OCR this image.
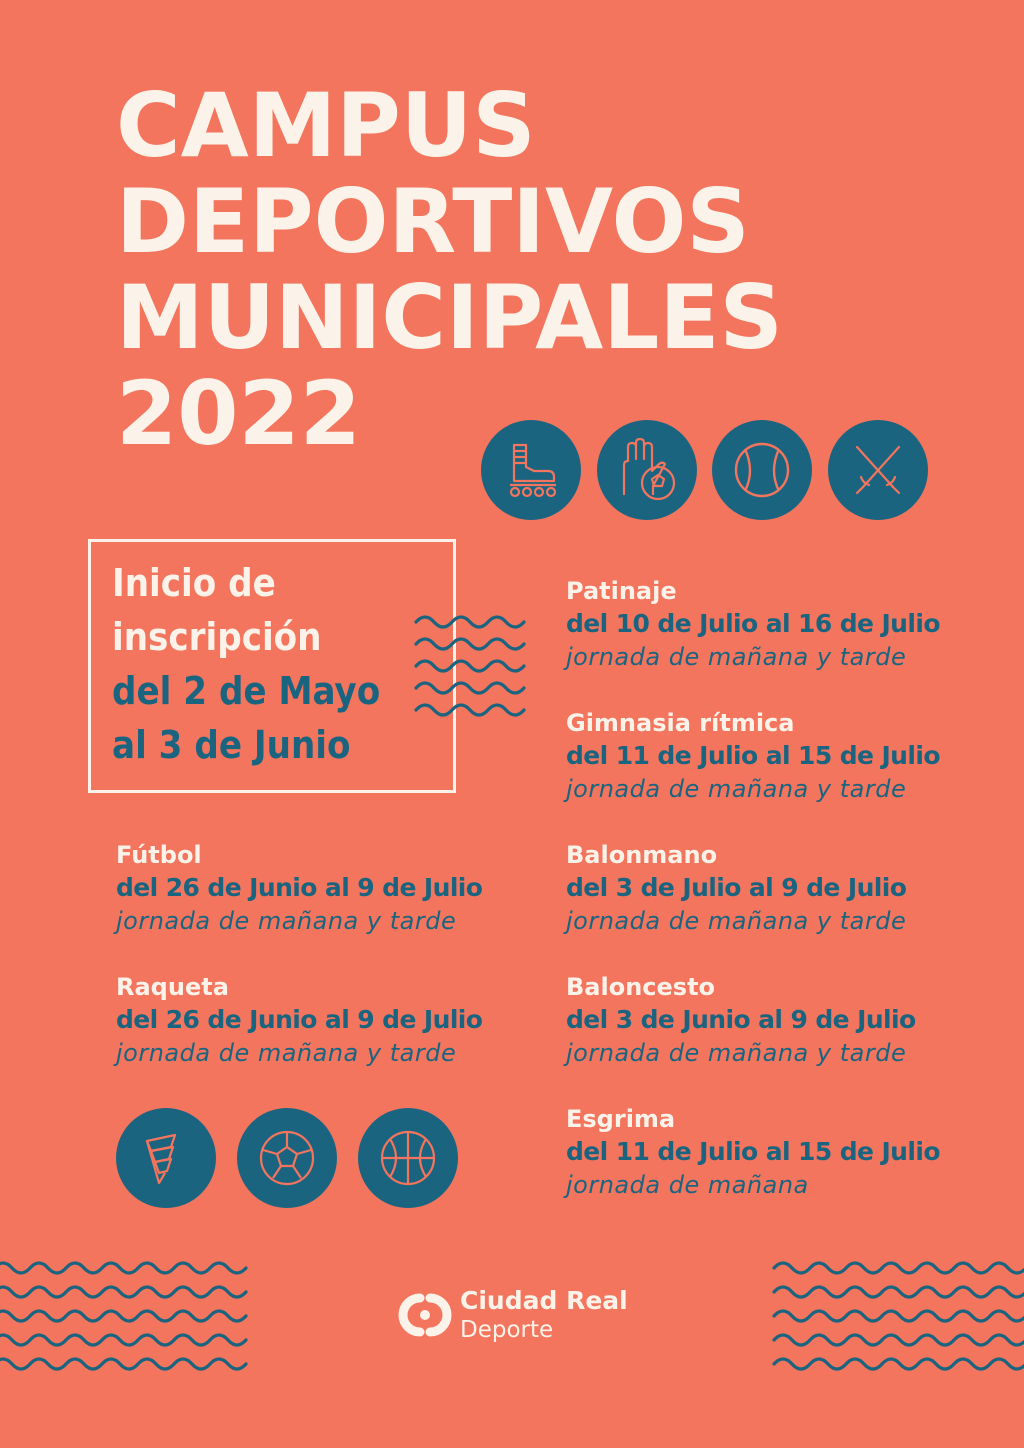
CAMPUS
DEPORTIVOS
MUNICIPALES
2022
Inicio de
inscripción
del 2 de Mayo
al 3 de Junio
Fútbol
del 26 de Junio al 9 de Julio
jornada de mañana y tarde
Raqueta
del 26 de Junio al 9 de Julio
jornada de mañana y tarde
Patinaje
del 10 de Julio al 16 de Julio
jornada de mañana y tarde
Gimnasia rítmica
del 11 de Julio al 15 de Julio
jornada de mañana y tarde
Balonmano
del 3 de Julio al 9 de Julio
jornada de mañana y tarde
Baloncesto
del 3 de Junio al 9 de Julio
jornada de mañana y tarde
Esgrima
del 11 de Julio al 15 de Julio
jornada de mañana
Ciudad Real
Deporte
